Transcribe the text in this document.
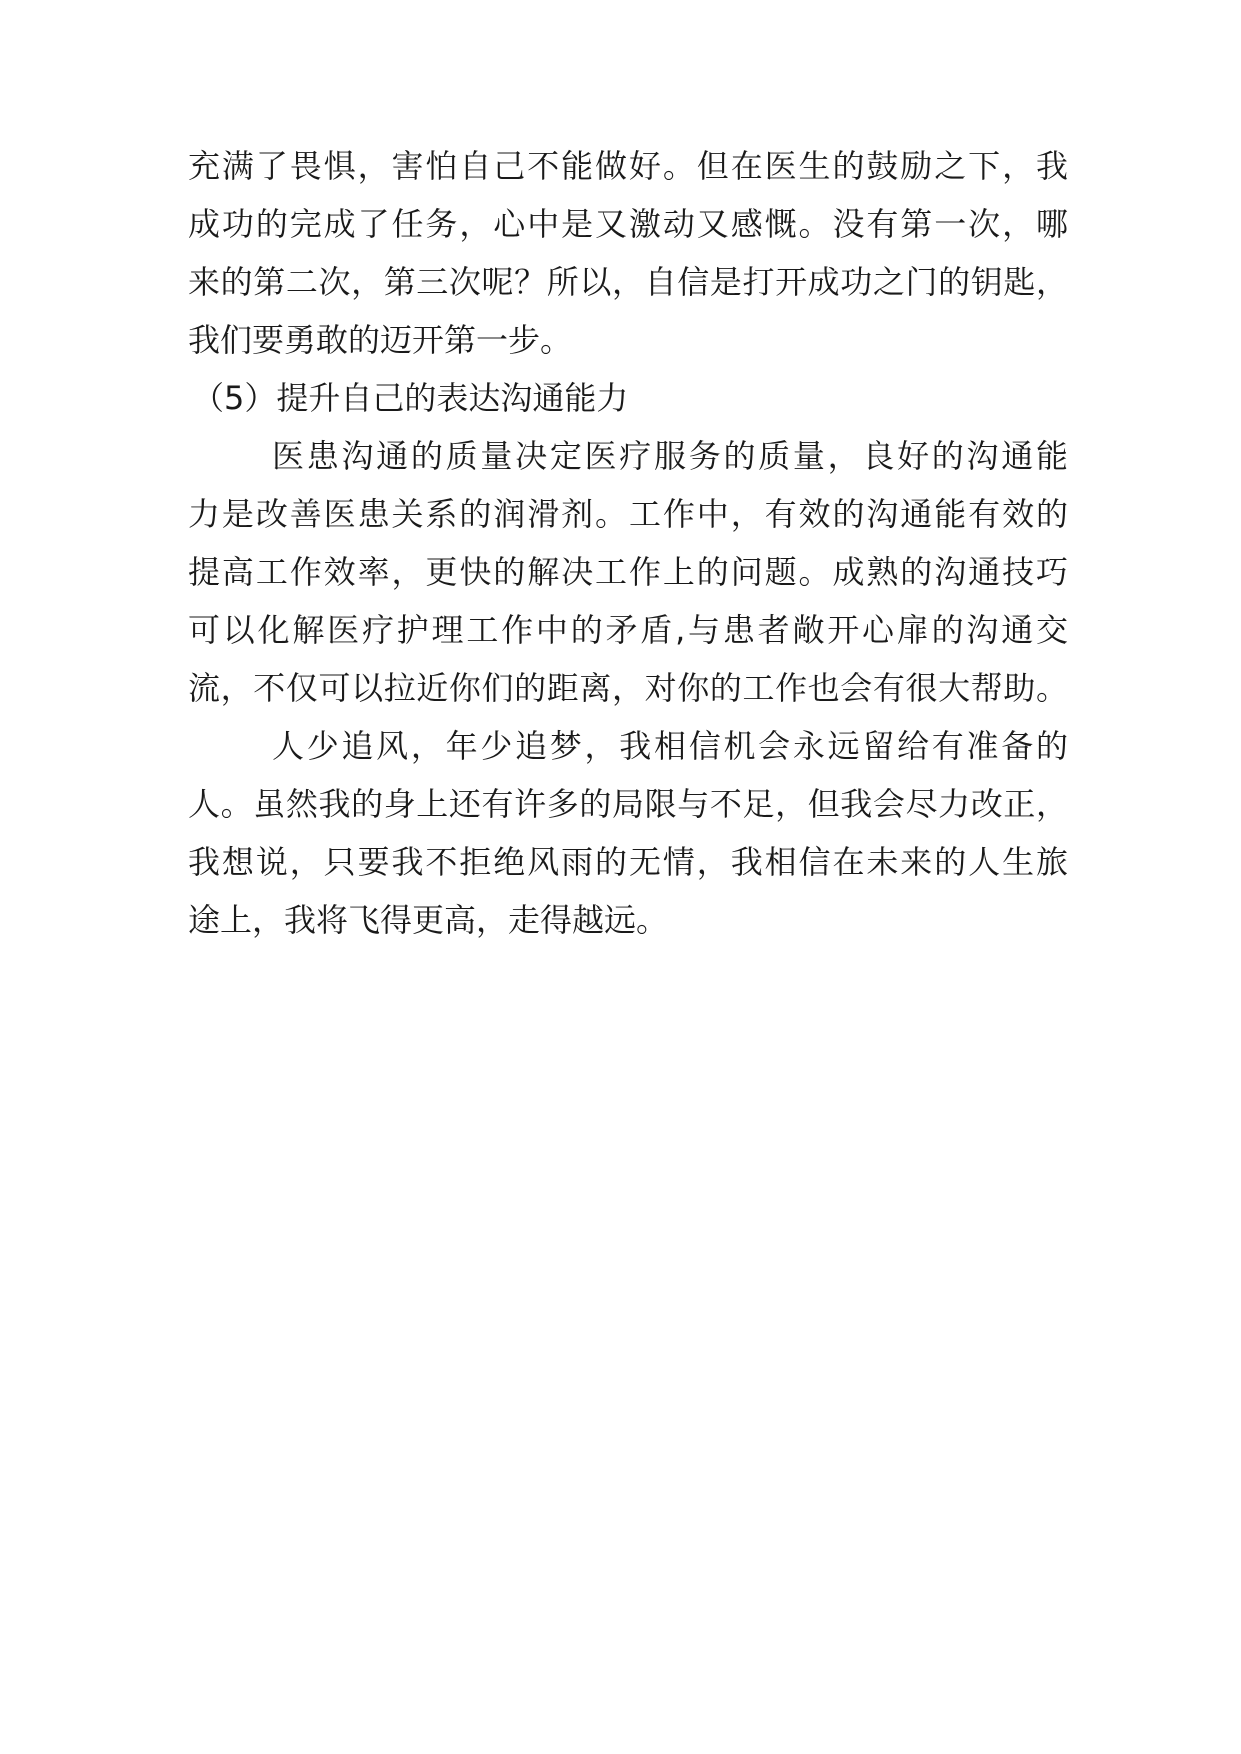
充满了畏惧，害怕自己不能做好。但在医生的鼓励之下，我
成功的完成了任务，心中是又激动又感慨。没有第一次，哪
来的第二次，第三次呢？所以，自信是打开成功之门的钥匙，
我们要勇敢的迈开第一步。
（5）提升自己的表达沟通能力
医患沟通的质量决定医疗服务的质量，良好的沟通能
力是改善医患关系的润滑剂。工作中，有效的沟通能有效的
提高工作效率，更快的解决工作上的问题。成熟的沟通技巧
可以化解医疗护理工作中的矛盾,与患者敞开心扉的沟通交
流，不仅可以拉近你们的距离，对你的工作也会有很大帮助。
人少追风，年少追梦，我相信机会永远留给有准备的
人。虽然我的身上还有许多的局限与不足，但我会尽力改正，
我想说，只要我不拒绝风雨的无情，我相信在未来的人生旅
途上，我将飞得更高，走得越远。
